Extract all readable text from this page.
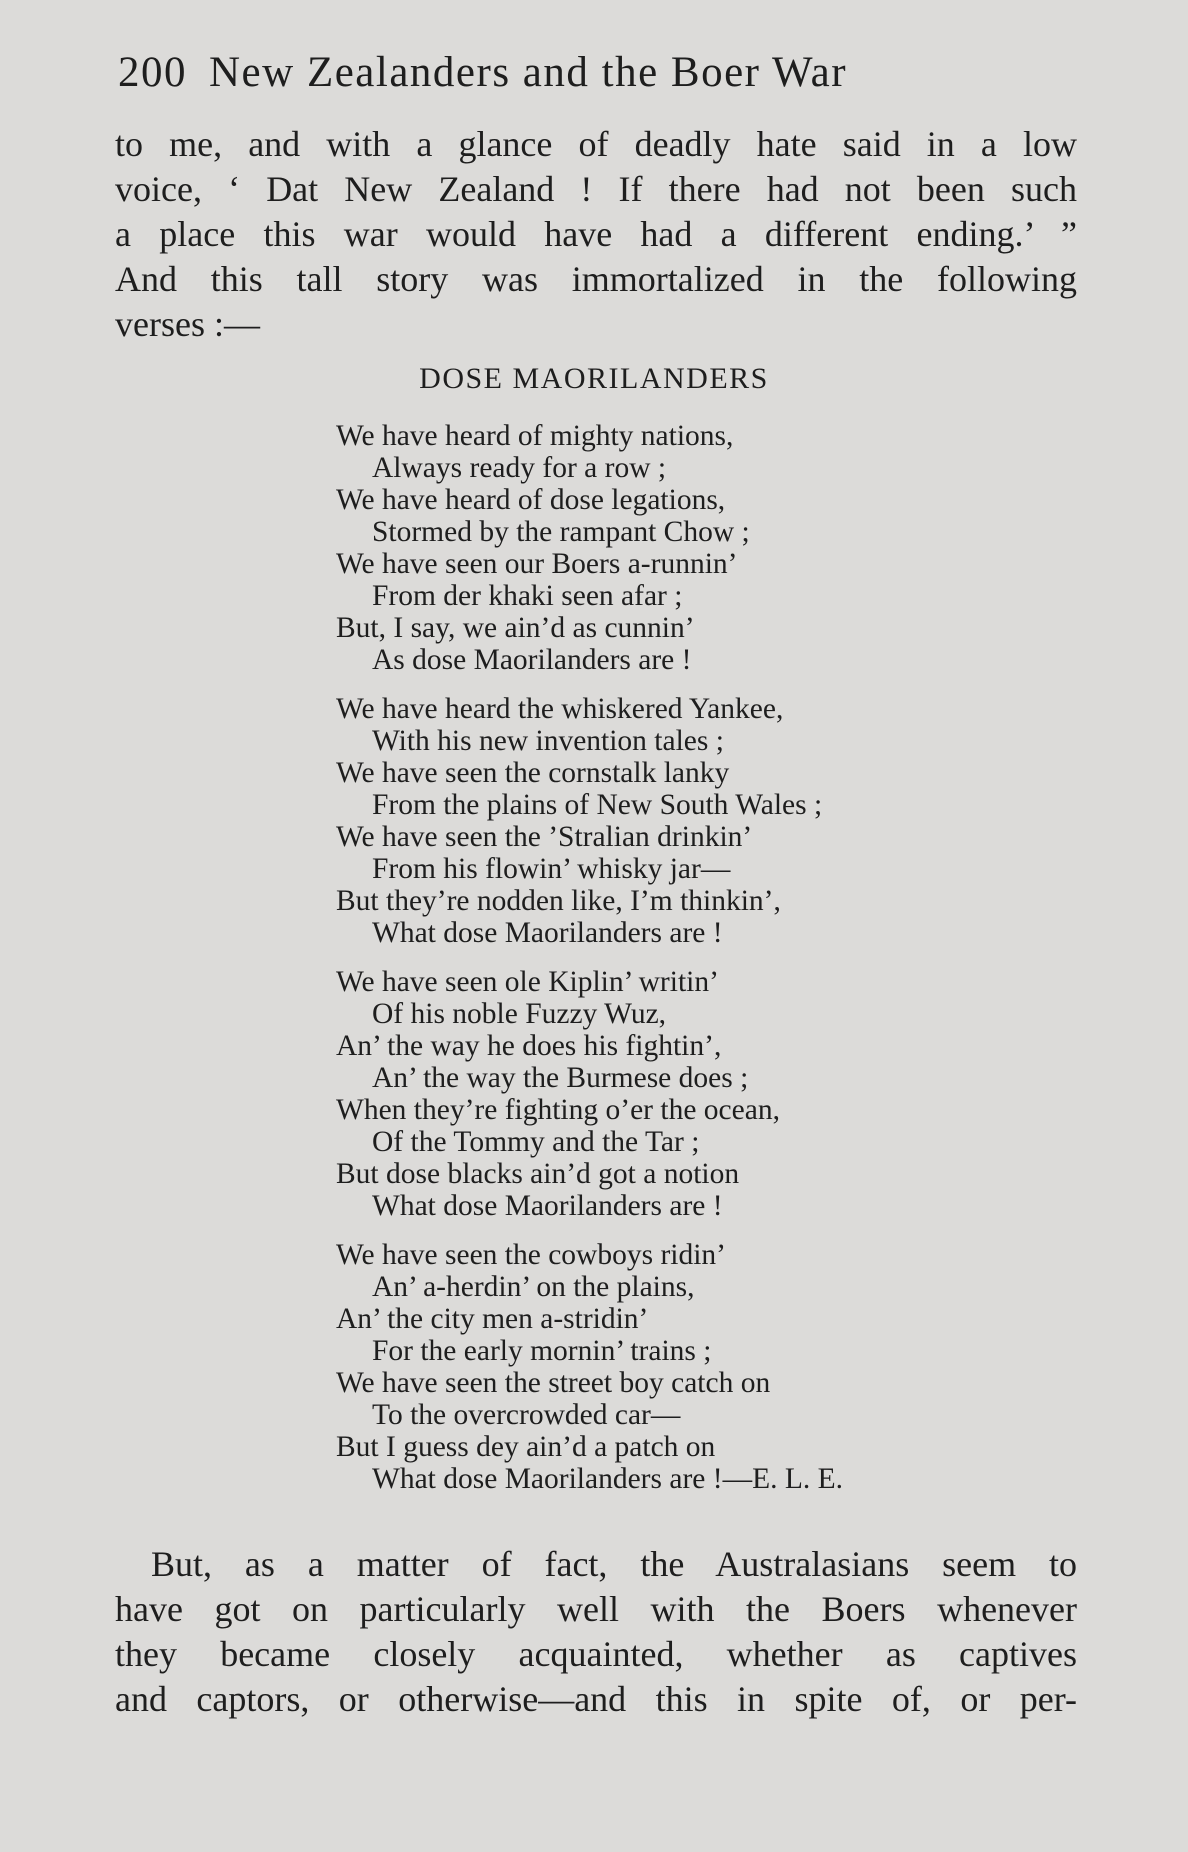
200 New Zealanders and the Boer War
to me, and with a glance of deadly hate said in a low
voice, ‘ Dat New Zealand ! If there had not been such
a place this war would have had a different ending.’ ”
And this tall story was immortalized in the following
verses :—
DOSE MAORILANDERS
We have heard of mighty nations,
Always ready for a row ;
We have heard of dose legations,
Stormed by the rampant Chow ;
We have seen our Boers a-runnin’
From der khaki seen afar ;
But, I say, we ain’d as cunnin’
As dose Maorilanders are !
We have heard the whiskered Yankee,
With his new invention tales ;
We have seen the cornstalk lanky
From the plains of New South Wales ;
We have seen the ’Stralian drinkin’
From his flowin’ whisky jar—
But they’re nodden like, I’m thinkin’,
What dose Maorilanders are !
We have seen ole Kiplin’ writin’
Of his noble Fuzzy Wuz,
An’ the way he does his fightin’,
An’ the way the Burmese does ;
When they’re fighting o’er the ocean,
Of the Tommy and the Tar ;
But dose blacks ain’d got a notion
What dose Maorilanders are !
We have seen the cowboys ridin’
An’ a-herdin’ on the plains,
An’ the city men a-stridin’
For the early mornin’ trains ;
We have seen the street boy catch on
To the overcrowded car—
But I guess dey ain’d a patch on
What dose Maorilanders are !—E. L. E.
 But, as a matter of fact, the Australasians seem to
have got on particularly well with the Boers whenever
they became closely acquainted, whether as captives
and captors, or otherwise—and this in spite of, or per-
